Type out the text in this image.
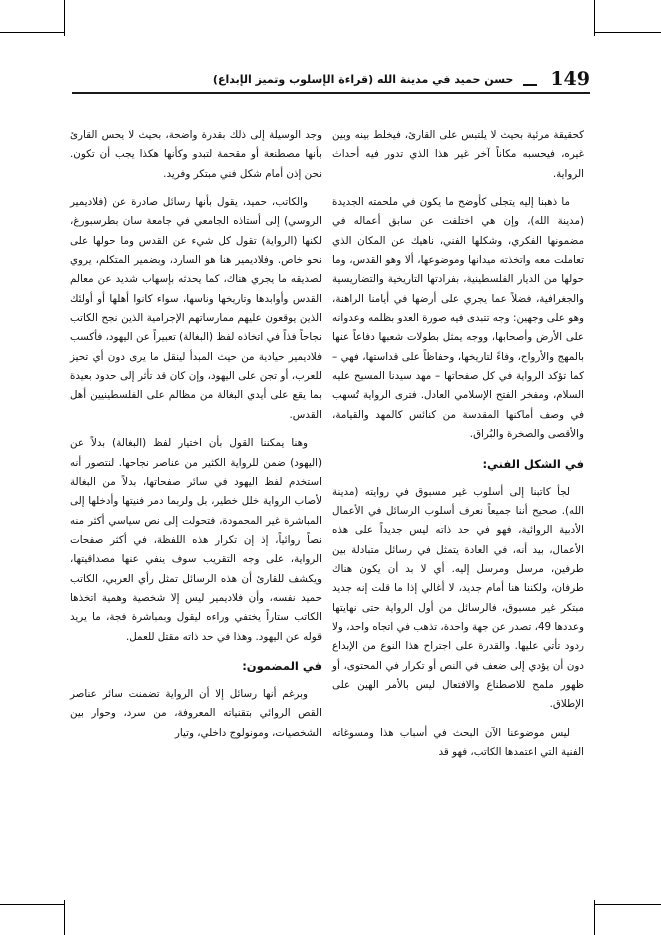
حسن حميد في مدينة الله (قراءة الإسلوب وتميز الإبداع) 149

كحقيقة مرئية بحيث لا يلتبس على القارئ، فيخلط بينه وبين غيره، فيحسبه مكاناً آخر غير هذا الذي تدور فيه أحداث الرواية.

ما ذهبنا إليه يتجلى كأوضح ما يكون في ملحمته الجديدة (مدينة الله)، وإن هي اختلفت عن سابق أعماله في مضمونها الفكري، وشكلها الفني، ناهيك عن المكان الذي تعاملت معه واتخذته ميدانها وموضوعها، ألا وهو القدس، وما حولها من الديار الفلسطينية، بفرادتها التاريخية والتضاريسية والجغرافية، فضلاً عما يجري على أرضها في أيامنا الراهنة، وهو على وجهين: وجه تتبدى فيه صورة العدو بظلمه وعدوانه على الأرض وأصحابها، ووجه يمثل بطولات شعبها دفاعاً عنها بالمهج والأرواح، وفاءً لتاريخها، وحفاظاً على قداستها، فهي – كما تؤكد الرواية في كل صفحاتها – مهد سيدنا المسيح عليه السلام، ومفخر الفتح الإسلامي العادل. فترى الرواية تُسهب في وصف أماكنها المقدسة من كنائس كالمهد والقيامة، والأقصى والصخرة والبُراق.

في الشكل الفني:

لجأ كاتبنا إلى أسلوب غير مسبوق في روايته (مدينة الله). صحيح أننا جميعاً نعرف أسلوب الرسائل في الأعمال الأدبية الروائية، فهو في حد ذاته ليس جديداً على هذه الأعمال، بيد أنه، في العادة يتمثل في رسائل متبادلة بين طرفين، مرسل ومرسل إليه. أي لا بد أن يكون هناك طرفان، ولكننا هنا أمام جديد، لا أغالي إذا ما قلت إنه جديد مبتكر غير مسبوق، فالرسائل من أول الرواية حتى نهايتها وعددها 49، تصدر عن جهة واحدة، تذهب في اتجاه واحد، ولا ردود تأتي عليها. والقدرة على اجتراح هذا النوع من الإبداع دون أن يؤدي إلى ضعف في النص أو تكرار في المحتوى، أو ظهور ملمح للاصطناع والافتعال ليس بالأمر الهين على الإطلاق.

ليس موضوعنا الآن البحث في أسباب هذا ومسوغاته الفنية التي اعتمدها الكاتب، فهو قد

وجد الوسيلة إلى ذلك بقدرة واضحة، بحيث لا يحس القارئ بأنها مصطنعة أو مقحمة لتبدو وكأنها هكذا يجب أن تكون. نحن إذن أمام شكل فني مبتكر وفريد.

والكاتب، حميد، يقول بأنها رسائل صادرة عن (فلاديمير الروسي) إلى أستاذه الجامعي في جامعة سان بطرسبورغ، لكنها (الرواية) تقول كل شيء عن القدس وما حولها على نحو خاص. وفلاديمير هنا هو السارد، وبضمير المتكلم، يروي لصديقه ما يجري هناك، كما يحدثه بإسهاب شديد عن معالم القدس وأوابدها وتاريخها وناسها، سواء كانوا أهلها أو أولئك الذين يوقعون عليهم ممارساتهم الإجرامية الذين نجح الكاتب نجاحاً فذاً في اتخاذه لفظ (البغالة) تعبيراً عن اليهود، فأكسب فلاديمير حيادية من حيث المبدأ لينقل ما يرى دون أي تحيز للعرب، أو تجن على اليهود، وإن كان قد تأثر إلى حدود بعيدة بما يقع على أيدي البغالة من مظالم على الفلسطينيين أهل القدس.

وهنا يمكننا القول بأن اختيار لفظ (البغالة) بدلاً عن (اليهود) ضمن للرواية الكثير من عناصر نجاحها. لنتصور أنه استخدم لفظ اليهود في سائر صفحاتها، بدلاً من البغالة لأصاب الرواية خلل خطير، بل ولربما دمر فنيتها وأدخلها إلى المباشرة غير المحمودة، فتحولت إلى نص سياسي أكثر منه نصاً روائياً، إذ إن تكرار هذه اللفظة، في أكثر صفحات الرواية، على وجه التقريب سوف ينفي عنها مصداقيتها، ويكشف للقارئ أن هذه الرسائل تمثل رأي العربي، الكاتب حميد نفسه، وأن فلاديمير ليس إلا شخصية وهمية اتخذها الكاتب ستاراً يختفي وراءه ليقول وبمباشرة فجة، ما يريد قوله عن اليهود. وهذا في حد ذاته مقتل للعمل.

في المضمون:

وبرغم أنها رسائل إلا أن الرواية تضمنت سائر عناصر القص الروائي بتقنياته المعروفة، من سرد، وحوار بين الشخصيات، ومونولوج داخلي، وتيار
